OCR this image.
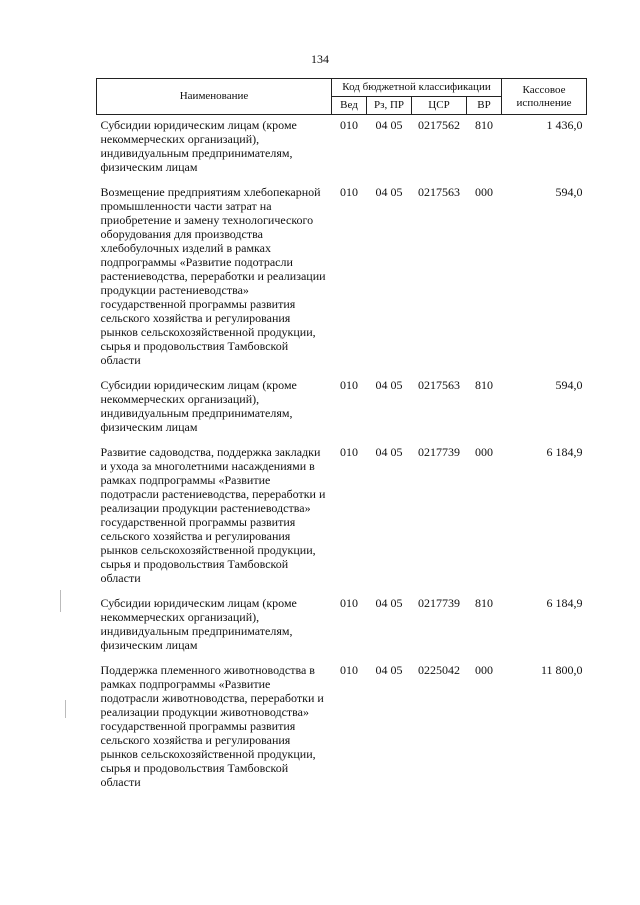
134
Наименование	Код бюджетной классификации				Кассовое исполнение
	Вед	Рз, ПР	ЦСР	ВР	
Субсидии юридическим лицам (кроме некоммерческих организаций), индивидуальным предпринимателям, физическим лицам	010	04 05	0217562	810	1 436,0
Возмещение предприятиям хлебопекарной промышленности части затрат на приобретение и замену технологического оборудования для производства хлебобулочных изделий в рамках подпрограммы «Развитие подотрасли растениеводства, переработки и реализации продукции растениеводства» государственной программы развития сельского хозяйства и регулирования рынков сельскохозяйственной продукции, сырья и продовольствия Тамбовской области	010	04 05	0217563	000	594,0
Субсидии юридическим лицам (кроме некоммерческих организаций), индивидуальным предпринимателям, физическим лицам	010	04 05	0217563	810	594,0
Развитие садоводства, поддержка закладки и ухода за многолетними насаждениями в рамках подпрограммы «Развитие подотрасли растениеводства, переработки и реализации продукции растениеводства» государственной программы развития сельского хозяйства и регулирования рынков сельскохозяйственной продукции, сырья и продовольствия Тамбовской области	010	04 05	0217739	000	6 184,9
Субсидии юридическим лицам (кроме некоммерческих организаций), индивидуальным предпринимателям, физическим лицам	010	04 05	0217739	810	6 184,9
Поддержка племенного животноводства в рамках подпрограммы «Развитие подотрасли животноводства, переработки и реализации продукции животноводства» государственной программы развития сельского хозяйства и регулирования рынков сельскохозяйственной продукции, сырья и продовольствия Тамбовской области	010	04 05	0225042	000	11 800,0
